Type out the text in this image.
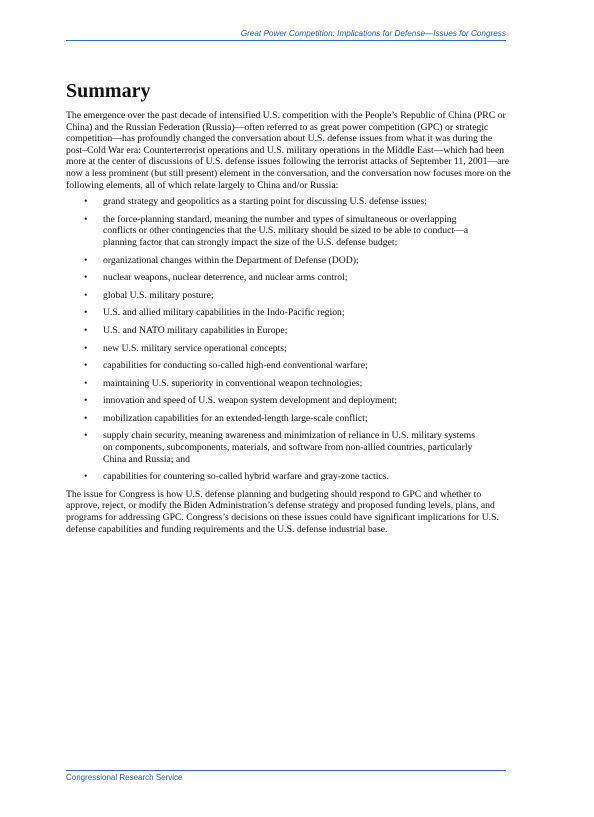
Great Power Competition: Implications for Defense—Issues for Congress
Summary

The emergence over the past decade of intensified U.S. competition with the People’s Republic of China (PRC or China) and the Russian Federation (Russia)—often referred to as great power competition (GPC) or strategic competition—has profoundly changed the conversation about U.S. defense issues from what it was during the post–Cold War era: Counterterrorist operations and U.S. military operations in the Middle East—which had been more at the center of discussions of U.S. defense issues following the terrorist attacks of September 11, 2001—are now a less prominent (but still present) element in the conversation, and the conversation now focuses more on the following elements, all of which relate largely to China and/or Russia:

• grand strategy and geopolitics as a starting point for discussing U.S. defense issues;
• the force-planning standard, meaning the number and types of simultaneous or overlapping conflicts or other contingencies that the U.S. military should be sized to be able to conduct—a planning factor that can strongly impact the size of the U.S. defense budget;
• organizational changes within the Department of Defense (DOD);
• nuclear weapons, nuclear deterrence, and nuclear arms control;
• global U.S. military posture;
• U.S. and allied military capabilities in the Indo-Pacific region;
• U.S. and NATO military capabilities in Europe;
• new U.S. military service operational concepts;
• capabilities for conducting so-called high-end conventional warfare;
• maintaining U.S. superiority in conventional weapon technologies;
• innovation and speed of U.S. weapon system development and deployment;
• mobilization capabilities for an extended-length large-scale conflict;
• supply chain security, meaning awareness and minimization of reliance in U.S. military systems on components, subcomponents, materials, and software from non-allied countries, particularly China and Russia; and
• capabilities for countering so-called hybrid warfare and gray-zone tactics.

The issue for Congress is how U.S. defense planning and budgeting should respond to GPC and whether to approve, reject, or modify the Biden Administration’s defense strategy and proposed funding levels, plans, and programs for addressing GPC. Congress’s decisions on these issues could have significant implications for U.S. defense capabilities and funding requirements and the U.S. defense industrial base.

Congressional Research Service
